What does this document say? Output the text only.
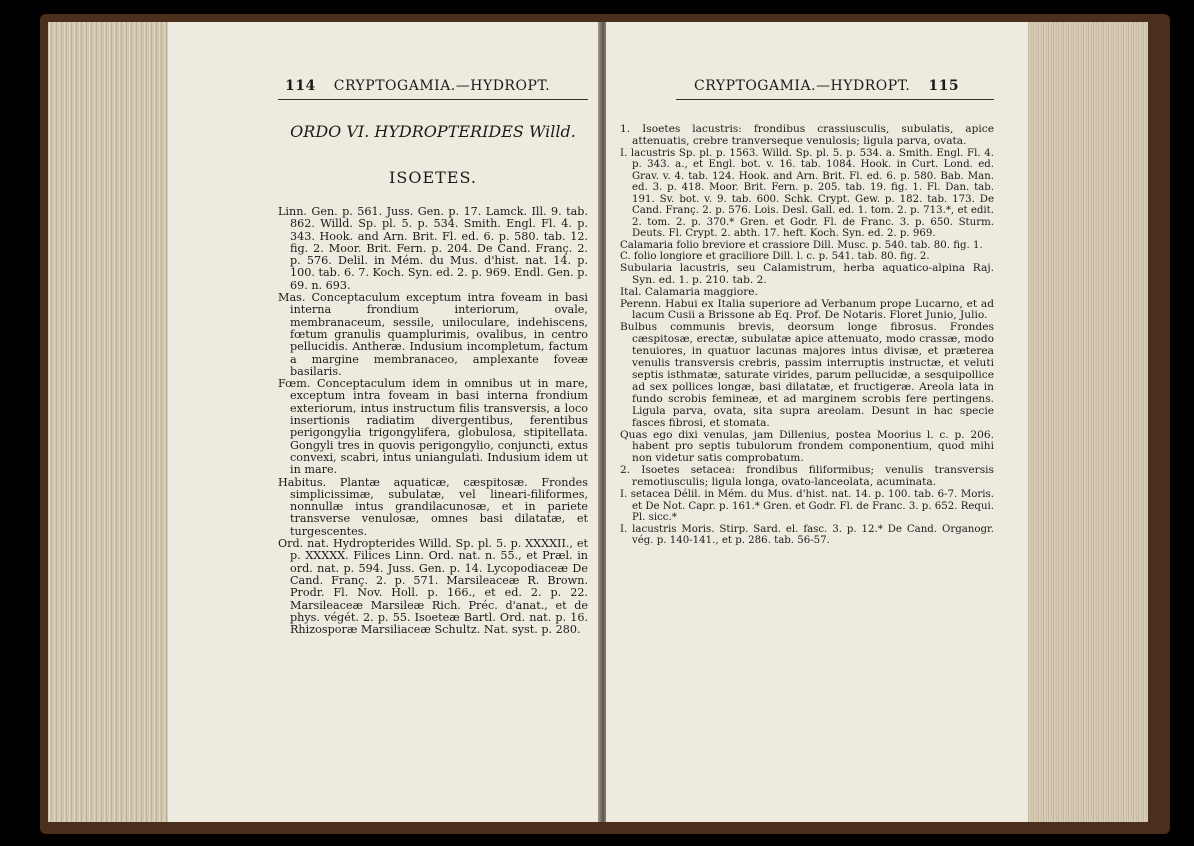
114 CRYPTOGAMIA.—HYDROPT.
ORDO VI. HYDROPTERIDES Willd.
ISOETES.

Linn. Gen. p. 561. Juss. Gen. p. 17. Lamck. Ill. 9. tab. 862. Willd. Sp. pl. 5. p. 534. Smith. Engl. Fl. 4. p. 343. Hook. and Arn. Brit. Fl. ed. 6. p. 580. tab. 12. fig. 2. Moor. Brit. Fern. p. 204. De Cand. Franç. 2. p. 576. Delil. in Mém. du Mus. d'hist. nat. 14. p. 100. tab. 6. 7. Koch. Syn. ed. 2. p. 969. Endl. Gen. p. 69. n. 693.

Mas. Conceptaculum exceptum intra foveam in basi interna frondium interiorum, ovale, membranaceum, sessile, uniloculare, indehiscens, fœtum granulis quamplurimis, ovalibus, in centro pellucidis. Antheræ. Indusium incompletum, factum a margine membranaceo, amplexante foveæ basilaris.

Fœm. Conceptaculum idem in omnibus ut in mare, exceptum intra foveam in basi interna frondium exteriorum, intus instructum filis transversis, a loco insertionis radiatim divergentibus, ferentibus perigongylia trigongylifera, globulosa, stipitellata. Gongyli tres in quovis perigongylio, conjuncti, extus convexi, scabri, intus uniangulati. Indusium idem ut in mare.

Habitus. Plantæ aquaticæ, cæspitosæ. Frondes simplicissimæ, subulatæ, vel lineari-filiformes, nonnullæ intus grandilacunosæ, et in pariete transverse venulosæ, omnes basi dilatatæ, et turgescentes.

Ord. nat. Hydropterides Willd. Sp. pl. 5. p. XXXXII., et p. XXXXX. Filices Linn. Ord. nat. n. 55., et Præl. in ord. nat. p. 594. Juss. Gen. p. 14. Lycopodiaceæ De Cand. Franç. 2. p. 571. Marsileaceæ R. Brown. Prodr. Fl. Nov. Holl. p. 166., et ed. 2. p. 22. Marsileaceæ Marsileæ Rich. Préc. d'anat., et de phys. végét. 2. p. 55. Isoeteæ Bartl. Ord. nat. p. 16. Rhizosporæ Marsiliaceæ Schultz. Nat. syst. p. 280.

CRYPTOGAMIA.—HYDROPT. 115

1. Isoetes lacustris: frondibus crassiusculis, subulatis, apice attenuatis, crebre tranverseque venulosis; ligula parva, ovata.

I. lacustris Sp. pl. p. 1563. Willd. Sp. pl. 5. p. 534. a. Smith. Engl. Fl. 4. p. 343. a., et Engl. bot. v. 16. tab. 1084. Hook. in Curt. Lond. ed. Grav. v. 4. tab. 124. Hook. and Arn. Brit. Fl. ed. 6. p. 580. Bab. Man. ed. 3. p. 418. Moor. Brit. Fern. p. 205. tab. 19. fig. 1. Fl. Dan. tab. 191. Sv. bot. v. 9. tab. 600. Schk. Crypt. Gew. p. 182. tab. 173. De Cand. Franç. 2. p. 576. Lois. Desl. Gall. ed. 1. tom. 2. p. 713.*, et edit. 2. tom. 2. p. 370.* Gren. et Godr. Fl. de Franc. 3. p. 650. Sturm. Deuts. Fl. Crypt. 2. abth. 17. heft. Koch. Syn. ed. 2. p. 969.

Calamaria folio breviore et crassiore Dill. Musc. p. 540. tab. 80. fig. 1.

C. folio longiore et graciliore Dill. l. c. p. 541. tab. 80. fig. 2.

Subularia lacustris, seu Calamistrum, herba aquatico-alpina Raj. Syn. ed. 1. p. 210. tab. 2.

Ital. Calamaria maggiore.

Perenn. Habui ex Italia superiore ad Verbanum prope Lucarno, et ad lacum Cusii a Brissone ab Eq. Prof. De Notaris. Floret Junio, Julio.

Bulbus communis brevis, deorsum longe fibrosus. Frondes cæspitosæ, erectæ, subulatæ apice attenuato, modo crassæ, modo tenuiores, in quatuor lacunas majores intus divisæ, et præterea venulis transversis crebris, passim interruptis instructæ, et veluti septis isthmatæ, saturate virides, parum pellucidæ, a sesquipollice ad sex pollices longæ, basi dilatatæ, et fructigeræ. Areola lata in fundo scrobis femineæ, et ad marginem scrobis fere pertingens. Ligula parva, ovata, sita supra areolam. Desunt in hac specie fasces fibrosi, et stomata.

Quas ego dixi venulas, jam Dillenius, postea Moorius l. c. p. 206. habent pro septis tubulorum frondem componentium, quod mihi non videtur satis comprobatum.

2. Isoetes setacea: frondibus filiformibus; venulis transversis remotiusculis; ligula longa, ovato-lanceolata, acuminata.

I. setacea Délil. in Mém. du Mus. d'hist. nat. 14. p. 100. tab. 6-7. Moris. et De Not. Capr. p. 161.* Gren. et Godr. Fl. de Franc. 3. p. 652. Requi. Pl. sicc.*

I. lacustris Moris. Stirp. Sard. el. fasc. 3. p. 12.* De Cand. Organogr. vég. p. 140-141., et p. 286. tab. 56-57.
